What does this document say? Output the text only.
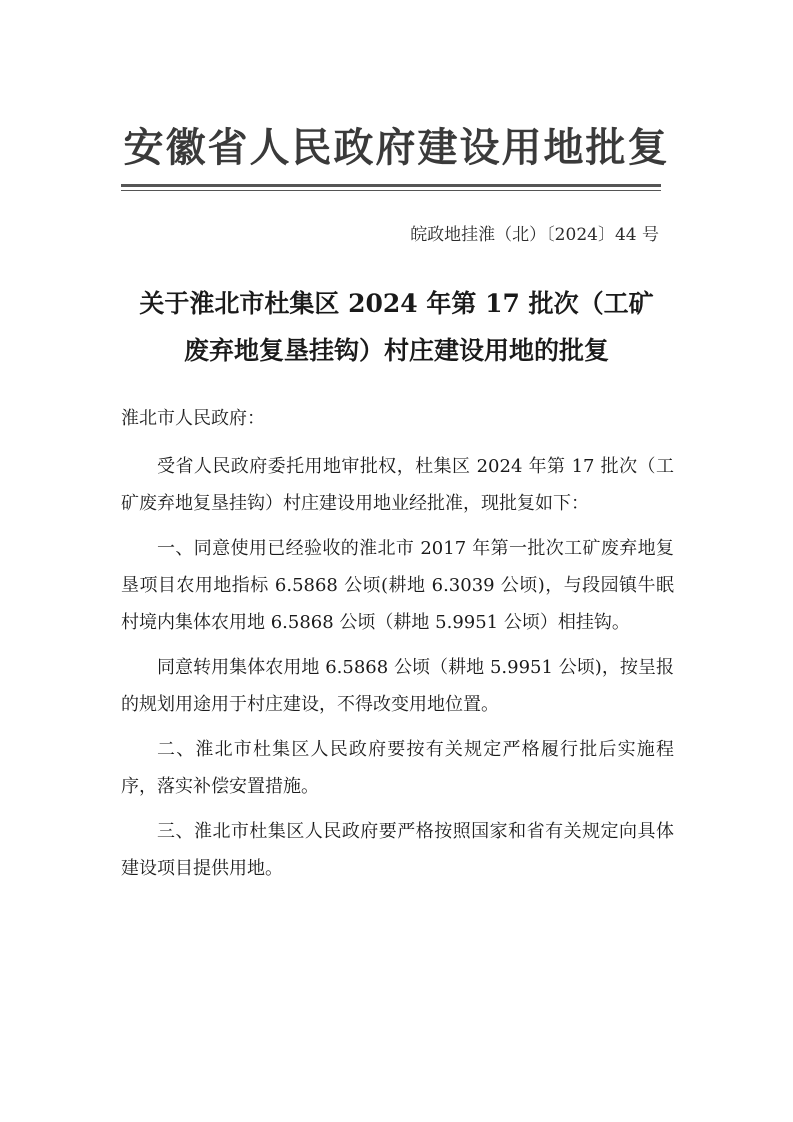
安徽省人民政府建设用地批复
皖政地挂淮（北）〔2024〕44 号
关于淮北市杜集区 2024 年第 17 批次（工矿
废弃地复垦挂钩）村庄建设用地的批复
淮北市人民政府：

受省人民政府委托用地审批权，杜集区 2024 年第 17 批次（工矿废弃地复垦挂钩）村庄建设用地业经批准，现批复如下：

一、同意使用已经验收的淮北市 2017 年第一批次工矿废弃地复垦项目农用地指标 6.5868 公顷(耕地 6.3039 公顷)，与段园镇牛眠村境内集体农用地 6.5868 公顷（耕地 5.9951 公顷）相挂钩。

同意转用集体农用地 6.5868 公顷（耕地 5.9951 公顷)，按呈报的规划用途用于村庄建设，不得改变用地位置。

二、淮北市杜集区人民政府要按有关规定严格履行批后实施程序，落实补偿安置措施。

三、淮北市杜集区人民政府要严格按照国家和省有关规定向具体建设项目提供用地。
